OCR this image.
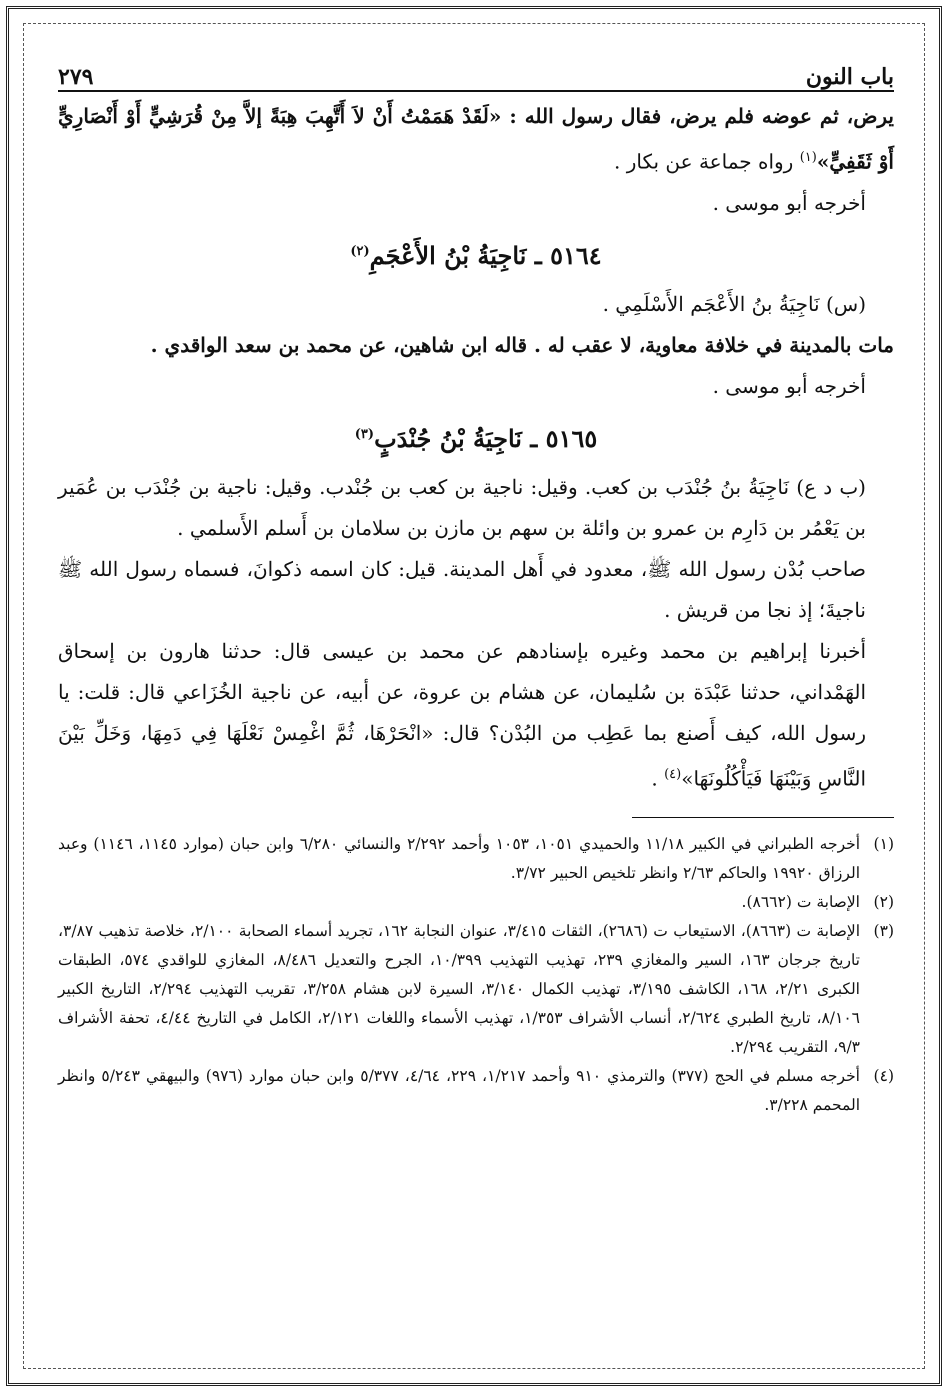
باب النون
٢٧٩

يرض، ثم عوضه فلم يرض، فقال رسول الله : «لَقَدْ هَمَمْتُ أَنْ لاَ أَتَّهِبَ هِبَةً إلاَّ مِنْ قُرَشِيٍّ أَوْ أَنْصَارِيٍّ أَوْ ثَقَفِيٍّ»$^{(١)}$ رواه جماعة عن بكار .

أخرجه أبو موسى .

٥١٦٤ ـ نَاجِيَةُ بْنُ الأَعْجَمِ$^{(٢)}$

(س) نَاجِيَةُ بنُ الأَعْجَم الأَسْلَمِي .

مات بالمدينة في خلافة معاوية، لا عقب له . قاله ابن شاهين، عن محمد بن سعد الواقدي .

أخرجه أبو موسى .

٥١٦٥ ـ نَاجِيَةُ بْنُ جُنْدَبٍ$^{(٣)}$

(ب د ع) نَاجِيَةُ بنُ جُنْدَب بن كعب. وقيل: ناجية بن كعب بن جُنْدب. وقيل: ناجية بن جُنْدَب بن عُمَير بن يَعْمُر بن دَارِم بن عمرو بن وائلة بن سهم بن مازن بن سلامان بن أَسلم الأَسلمي .

صاحب بُدْن رسول الله ﷺ، معدود في أَهل المدينة. قيل: كان اسمه ذكوانَ، فسماه رسول الله ﷺ ناجيةَ؛ إذ نجا من قريش .

أخبرنا إبراهيم بن محمد وغيره بإسنادهم عن محمد بن عيسى قال: حدثنا هارون بن إسحاق الهَمْداني، حدثنا عَبْدَة بن سُليمان، عن هشام بن عروة، عن أبيه، عن ناجية الخُزَاعي قال: قلت: يا رسول الله، كيف أَصنع بما عَطِب من البُدْن؟ قال: «انْحَرْهَا، ثُمَّ اغْمِسْ نَعْلَهَا فِي دَمِهَا، وَخَلِّ بَيْنَ النَّاسِ وَبَيْنَهَا فَيَأْكُلُونَهَا»$^{(٤)}$ .

(١)
أخرجه الطبراني في الكبير ١١/١٨ والحميدي ١٠٥١، ١٠٥٣ وأحمد ٢/٢٩٢ والنسائي ٦/٢٨٠ وابن حبان (موارد ١١٤٥، ١١٤٦) وعبد الرزاق ١٩٩٢٠ والحاكم ٢/٦٣ وانظر تلخيص الحبير ٣/٧٢.
(٢)
الإصابة ت (٨٦٦٢).
(٣)
الإصابة ت (٨٦٦٣)، الاستيعاب ت (٢٦٨٦)، الثقات ٣/٤١٥، عنوان النجابة ١٦٢، تجريد أسماء الصحابة ٢/١٠٠، خلاصة تذهيب ٣/٨٧، تاريخ جرجان ١٦٣، السير والمغازي ٢٣٩، تهذيب التهذيب ١٠/٣٩٩، الجرح والتعديل ٨/٤٨٦، المغازي للواقدي ٥٧٤، الطبقات الكبرى ٢/٢١، ١٦٨، الكاشف ٣/١٩٥، تهذيب الكمال ٣/١٤٠، السيرة لابن هشام ٣/٢٥٨، تقريب التهذيب ٢/٢٩٤، التاريخ الكبير ٨/١٠٦، تاريخ الطبري ٢/٦٢٤، أنساب الأشراف ١/٣٥٣، تهذيب الأسماء واللغات ٢/١٢١، الكامل في التاريخ ٤/٤٤، تحفة الأشراف ٩/٣، التقريب ٢/٢٩٤.
(٤)
أخرجه مسلم في الحج (٣٧٧) والترمذي ٩١٠ وأحمد ١/٢١٧، ٢٢٩، ٤/٦٤، ٥/٣٧٧ وابن حبان موارد (٩٧٦) والبيهقي ٥/٢٤٣ وانظر المحمم ٣/٢٢٨.
